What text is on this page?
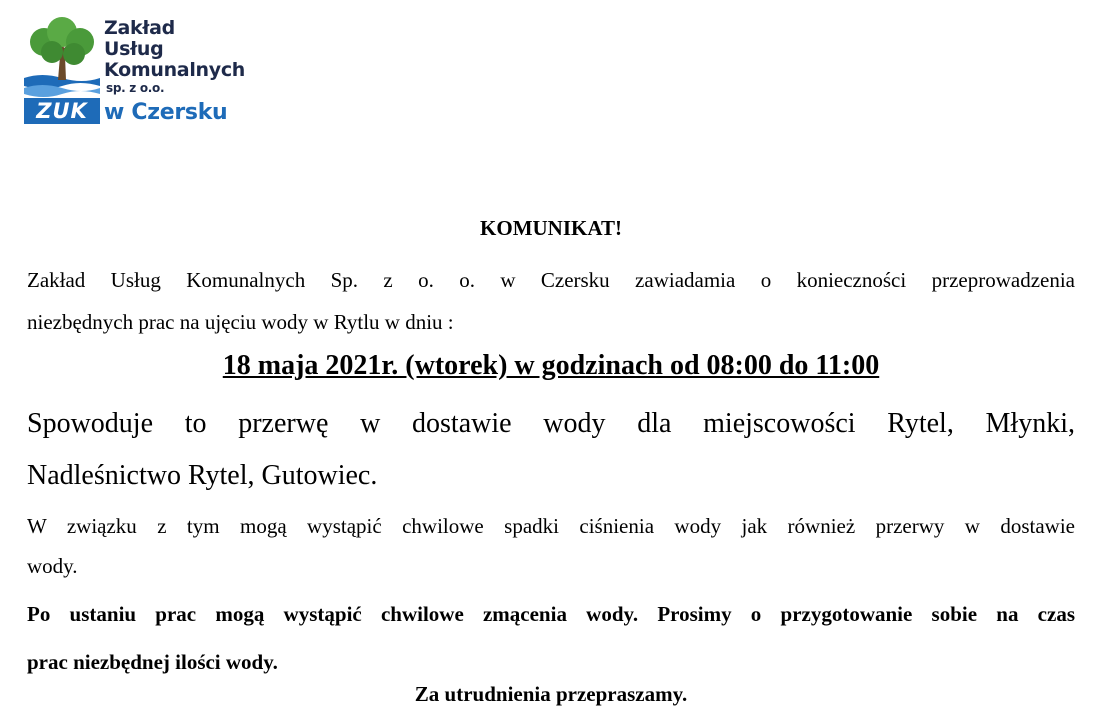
Zakład
Usług
Komunalnych
sp. z o.o.
ZUK w Czersku
KOMUNIKAT!
Zakład Usług Komunalnych Sp. z o. o. w Czersku zawiadamia o konieczności przeprowadzenia
niezbędnych prac na ujęciu wody w Rytlu w dniu :
18 maja 2021r. (wtorek) w godzinach od 08:00 do 11:00
Spowoduje to przerwę w dostawie wody dla miejscowości Rytel, Młynki,
Nadleśnictwo Rytel, Gutowiec.
W związku z tym mogą wystąpić chwilowe spadki ciśnienia wody jak również przerwy w dostawie
wody.
Po ustaniu prac mogą wystąpić chwilowe zmącenia wody. Prosimy o przygotowanie sobie na czas
prac niezbędnej ilości wody.
Za utrudnienia przepraszamy.
